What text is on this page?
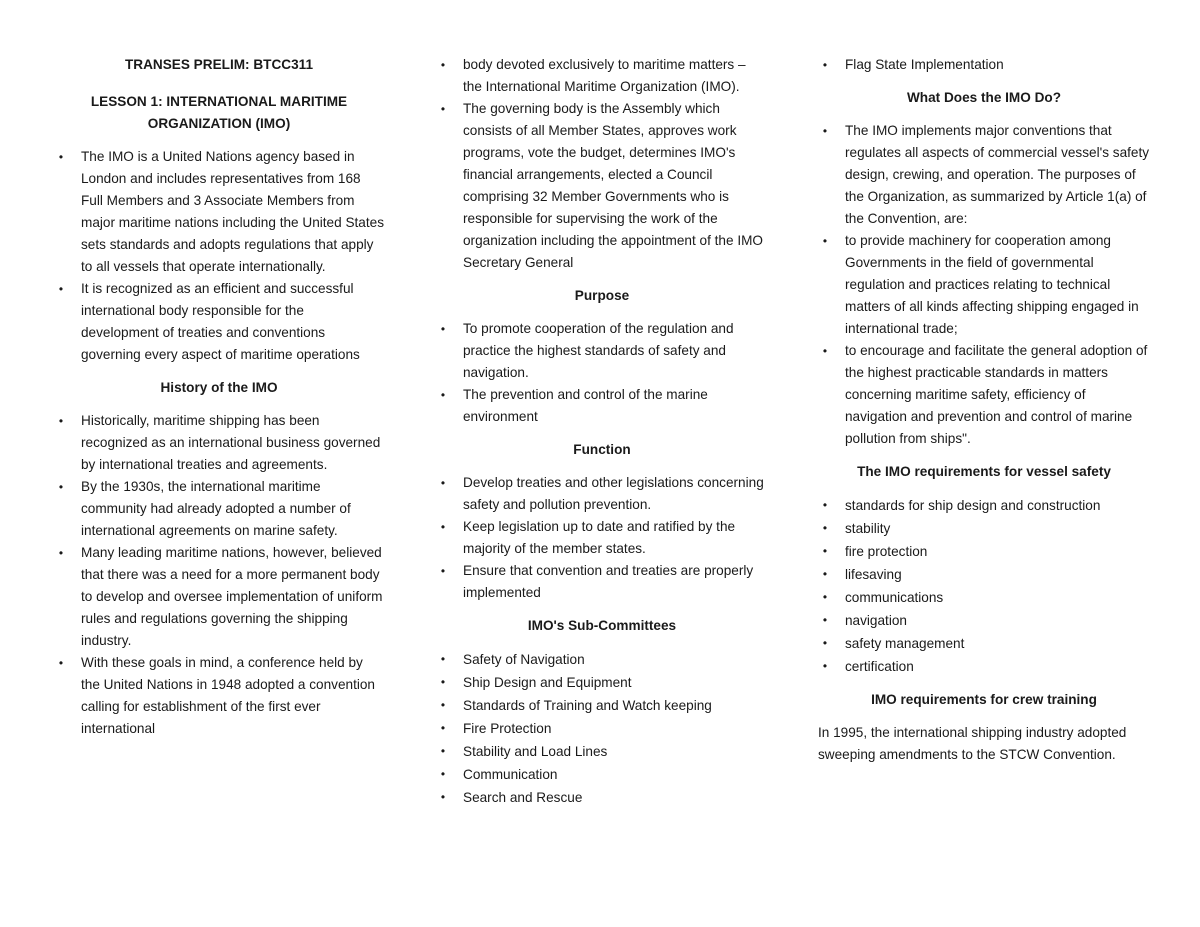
TRANSES PRELIM: BTCC311

LESSON 1: INTERNATIONAL MARITIME ORGANIZATION (IMO)

• The IMO is a United Nations agency based in London and includes representatives from 168 Full Members and 3 Associate Members from major maritime nations including the United States sets standards and adopts regulations that apply to all vessels that operate internationally.
• It is recognized as an efficient and successful international body responsible for the development of treaties and conventions governing every aspect of maritime operations

History of the IMO

• Historically, maritime shipping has been recognized as an international business governed by international treaties and agreements.
• By the 1930s, the international maritime community had already adopted a number of international agreements on marine safety.
• Many leading maritime nations, however, believed that there was a need for a more permanent body to develop and oversee implementation of uniform rules and regulations governing the shipping industry.
• With these goals in mind, a conference held by the United Nations in 1948 adopted a convention calling for establishment of the first ever international
• body devoted exclusively to maritime matters – the International Maritime Organization (IMO).
• The governing body is the Assembly which consists of all Member States, approves work programs, vote the budget, determines IMO's financial arrangements, elected a Council comprising 32 Member Governments who is responsible for supervising the work of the organization including the appointment of the IMO Secretary General

Purpose

• To promote cooperation of the regulation and practice the highest standards of safety and navigation.
• The prevention and control of the marine environment

Function

• Develop treaties and other legislations concerning safety and pollution prevention.
• Keep legislation up to date and ratified by the majority of the member states.
• Ensure that convention and treaties are properly implemented

IMO's Sub-Committees

• Safety of Navigation
• Ship Design and Equipment
• Standards of Training and Watch keeping
• Fire Protection
• Stability and Load Lines
• Communication
• Search and Rescue
• Flag State Implementation

What Does the IMO Do?

• The IMO implements major conventions that regulates all aspects of commercial vessel's safety design, crewing, and operation. The purposes of the Organization, as summarized by Article 1(a) of the Convention, are:
• to provide machinery for cooperation among Governments in the field of governmental regulation and practices relating to technical matters of all kinds affecting shipping engaged in international trade;
• to encourage and facilitate the general adoption of the highest practicable standards in matters concerning maritime safety, efficiency of navigation and prevention and control of marine pollution from ships".

The IMO requirements for vessel safety

• standards for ship design and construction
• stability
• fire protection
• lifesaving
• communications
• navigation
• safety management
• certification

IMO requirements for crew training

In 1995, the international shipping industry adopted sweeping amendments to the STCW Convention.
